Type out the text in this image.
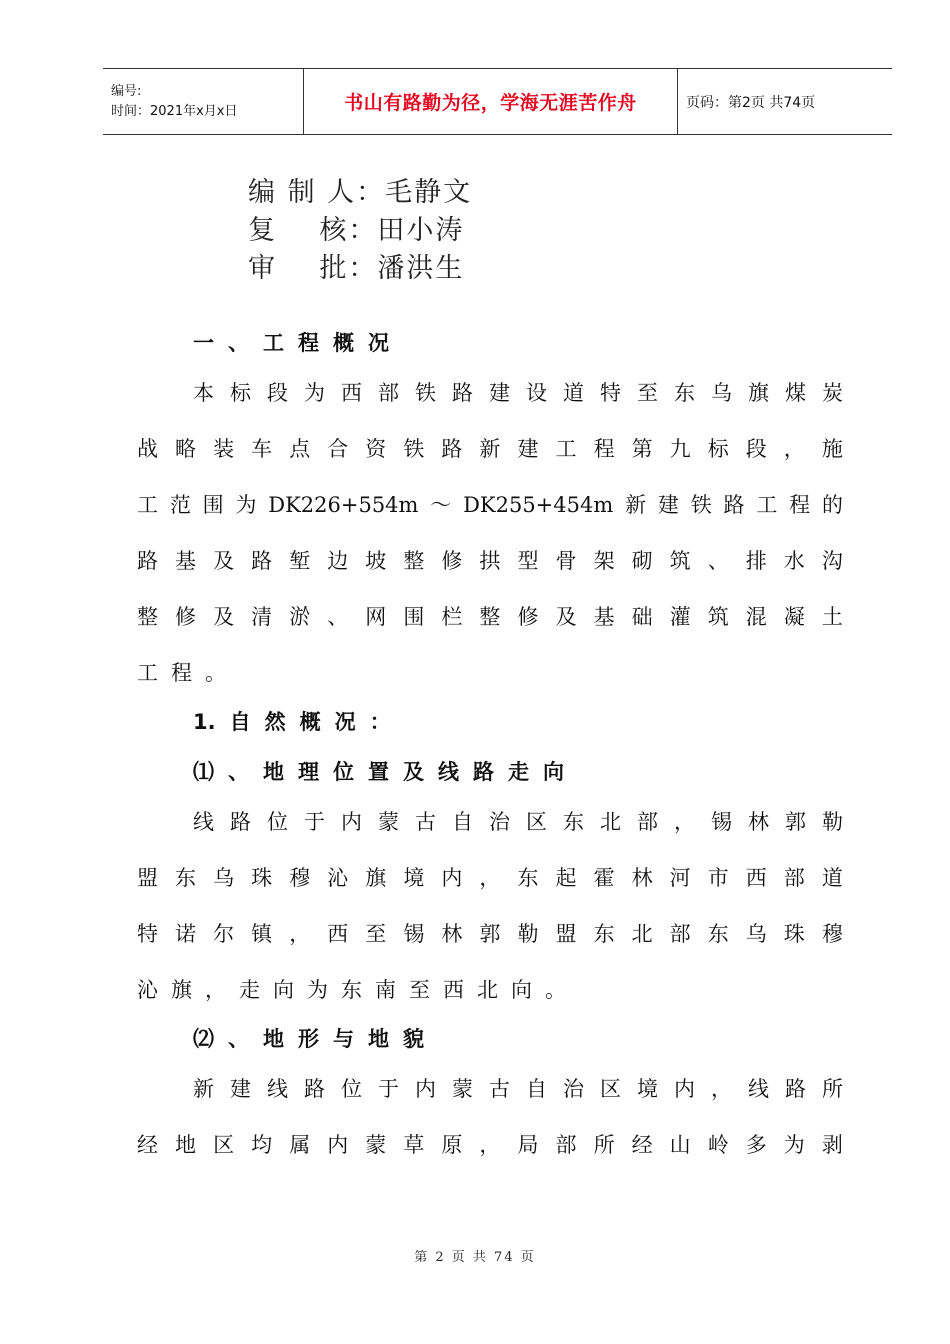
编号:
时间：2021年x月x日	书山有路勤为径，学海无涯苦作舟	页码：第2页 共74页
编 制 人：毛静文
复    核：田小涛
审    批：潘洪生
一 、 工 程 概 况
本 标 段 为 西 部 铁 路 建 设 道 特 至 东 乌 旗 煤 炭
战 略 装 车 点 合 资 铁 路 新 建 工 程 第 九 标 段 ， 施
工 范 围 为 DK226+554m ～ DK255+454m 新 建 铁 路 工 程 的
路 基 及 路 堑 边 坡 整 修 拱 型 骨 架 砌 筑 、 排 水 沟
整 修 及 清 淤 、 网 围 栏 整 修 及 基 础 灌 筑 混 凝 土
工 程 。
1. 自 然 概 况 ：
⑴ 、 地 理 位 置 及 线 路 走 向
线 路 位 于 内 蒙 古 自 治 区 东 北 部 ， 锡 林 郭 勒
盟 东 乌 珠 穆 沁 旗 境 内 ， 东 起 霍 林 河 市 西 部 道
特 诺 尔 镇 ， 西 至 锡 林 郭 勒 盟 东 北 部 东 乌 珠 穆
沁 旗 ， 走 向 为 东 南 至 西 北 向 。
⑵ 、 地 形 与 地 貌
新 建 线 路 位 于 内 蒙 古 自 治 区 境 内 ， 线 路 所
经 地 区 均 属 内 蒙 草 原 ， 局 部 所 经 山 岭 多 为 剥
第 2 页 共 74 页
